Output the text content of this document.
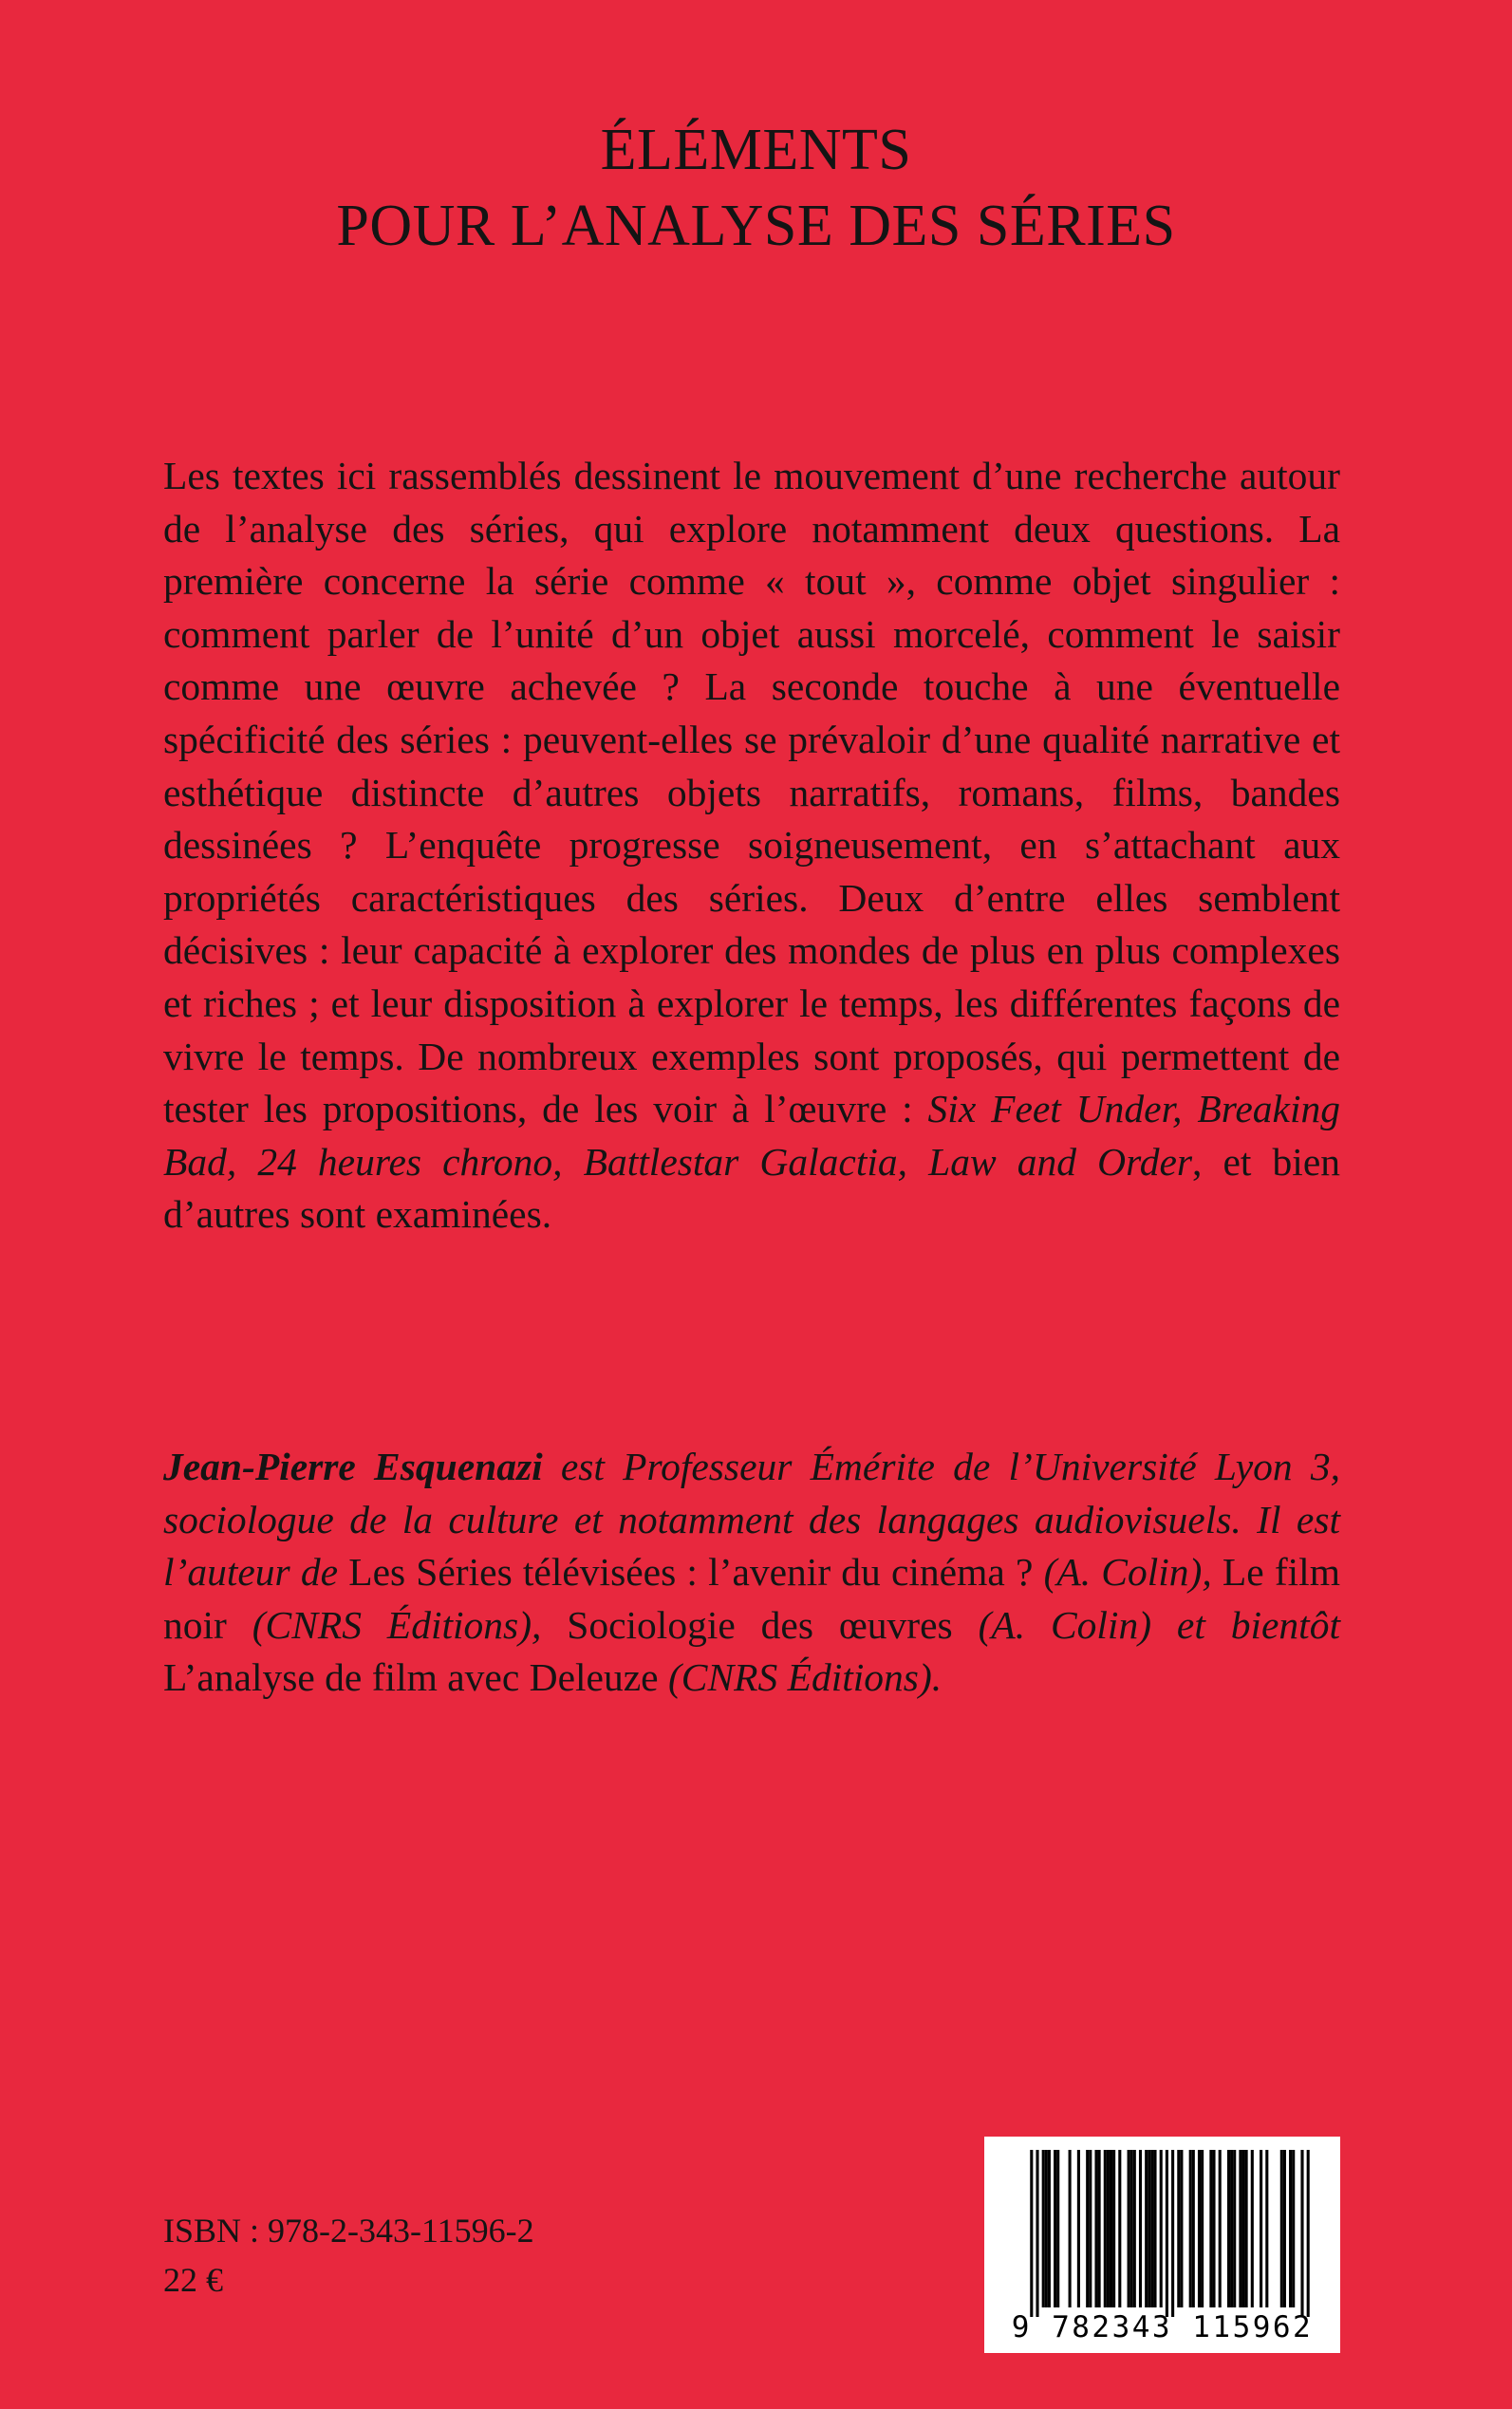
ÉLÉMENTS
POUR L’ANALYSE DES SÉRIES

Les textes ici rassemblés dessinent le mouvement d’une recherche autour de l’analyse des séries, qui explore notamment deux questions. La première concerne la série comme « tout », comme objet singulier : comment parler de l’unité d’un objet aussi morcelé, comment le saisir comme une œuvre achevée ? La seconde touche à une éventuelle spécificité des séries : peuvent-elles se prévaloir d’une qualité narrative et esthétique distincte d’autres objets narratifs, romans, films, bandes dessinées ? L’enquête progresse soigneusement, en s’attachant aux propriétés caractéristiques des séries. Deux d’entre elles semblent décisives : leur capacité à explorer des mondes de plus en plus complexes et riches ; et leur disposition à explorer le temps, les différentes façons de vivre le temps. De nombreux exemples sont proposés, qui permettent de tester les propositions, de les voir à l’œuvre : Six Feet Under, Breaking Bad, 24 heures chrono, Battlestar Galactia, Law and Order, et bien d’autres sont examinées.

Jean-Pierre Esquenazi est Professeur Émérite de l’Université Lyon 3, sociologue de la culture et notamment des langages audiovisuels. Il est l’auteur de Les Séries télévisées : l’avenir du cinéma ? (A. Colin), Le film noir (CNRS Éditions), Sociologie des œuvres (A. Colin) et bientôt L’analyse de film avec Deleuze (CNRS Éditions).

ISBN : 978-2-343-11596-2
22 €
9 782343 115962
